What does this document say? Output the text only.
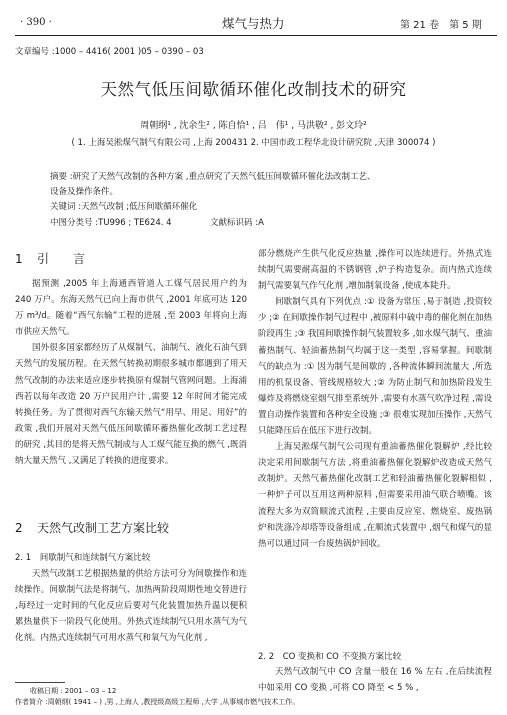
· 390 ·	煤气与热力	第 21 卷　第 5 期
文章编号 :1000 – 4416( 2001 )05 – 0390 – 03
天然气低压间歇循环催化改制技术的研究
周朝纲¹ , 沈余生² , 陈自恰¹ , 吕　伟¹ , 马洪敬² , 彭文玲²
( 1. 上海吴淞煤气制气有限公司 ,上海 200431 2. 中国市政工程华北设计研究院 ,天津 300074 )
摘要 :研究了天然气改制的各种方案 ,重点研究了天然气低压间歇循环催化法改制工艺、
设备及操作条件。
关键词 :天然气改制 ;低压间歇循环催化
中图分类号 :TU996 ; TE624. 4	文献标识码 :A
1 引　　言

据预测 ,2005 年上海通西管道人工煤气居民用户约为 240 万户。东海天然气已向上海市供气 ,2001 年底可达 120 万 m³/d。随着“西气东输”工程的进展 ,至 2003 年将向上海市供应天然气。

国外很多国家都经历了从煤制气、油制气、液化石油气到天然气的发展历程。在天然气转换初期很多城市都遇到了用天然气改制的办法来适应逐步转换原有煤制气管网问题。上海浦西若以每年改造 20 万户民用户计 ,需要 12 年时间才能完成转换任务。为了贯彻对西气东输天然气“用早、用足、用好”的政策 ,我们开展对天然气低压间歇循环蓄热催化改制工艺过程的研究 ,其目的是将天然气制成与人工煤气能互换的燃气 ,既消纳大量天然气 ,又满足了转换的进度要求。

2 天然气改制工艺方案比较
2. 1　间歇制气和连续制气方案比较

天然气改制工艺根据热量的供给方法可分为间歇操作和连续操作。间歇制气法是将制气、加热两阶段周期性地交替进行 ,每经过一定时间的气化反应后要对气化装置加热升温以便积累热量供下一阶段气化使用。外热式连续制气只用水蒸气为气化剂。内热式连续制气可用水蒸气和氧气为气化剂 ,

部分燃烧产生供气化反应热量 ,操作可以连续进行。外热式连续制气需要耐高温的不锈钢管 ,炉子构造复杂。而内热式连续制气需要氧气作气化剂 ,增加制氧设备 ,使成本陡升。

间歇制气具有下列优点 :① 设备为常压 ,易于制造 ,投资较少 ;② 在间歇操作制气过程中 ,被原料中硫中毒的催化剂在加热阶段再生 ;③ 我国间歇操作制气装置较多 ,如水煤气制气、重油蓄热制气、轻油蓄热制气均属于这一类型 ,容易掌握。间歇制气的缺点为 :① 因为制气是间歇的 ,各种流体瞬间流量大 ,所选用的机泵设备、管线规格较大 ;② 为防止制气和加热阶段发生爆炸及将燃烧室烟气排至系统外 ,需要有水蒸气吹净过程 ,需设置自动操作装置和各种安全设施 ;③ 很难实现加压操作 ,天然气只能降压后在低压下进行改制。

上海吴淞煤气制气公司现有重油蓄热催化裂解炉 ,经比较决定采用间歇制气方法 ,将重油蓄热催化裂解炉改造成天然气改制炉。天然气蓄热催化改制工艺和轻油蓄热催化裂解相似 ,一种炉子可以互用这两种原料 ,但需要采用油气联合喷嘴。该流程大多为双筒顺流式流程 ,主要由反应室、燃烧室、废热锅炉和洗涤冷却塔等设备组成 ,在顺流式装置中 ,烟气和煤气的显热可以通过同一台废热锅炉回收。

2. 2　CO 变换和 CO 不变换方案比较

天然气改制气中 CO 含量一般在 16 % 左右 ,在后续流程中如采用 CO 变换 ,可将 CO 降至 < 5 % ,

收稿日期 : 2001 – 03 – 12
作者简介 :周朝纲( 1941 – ) ,男 ,上海人 ,教授级高级工程师 ,大学 ,从事城市燃气技术工作。
